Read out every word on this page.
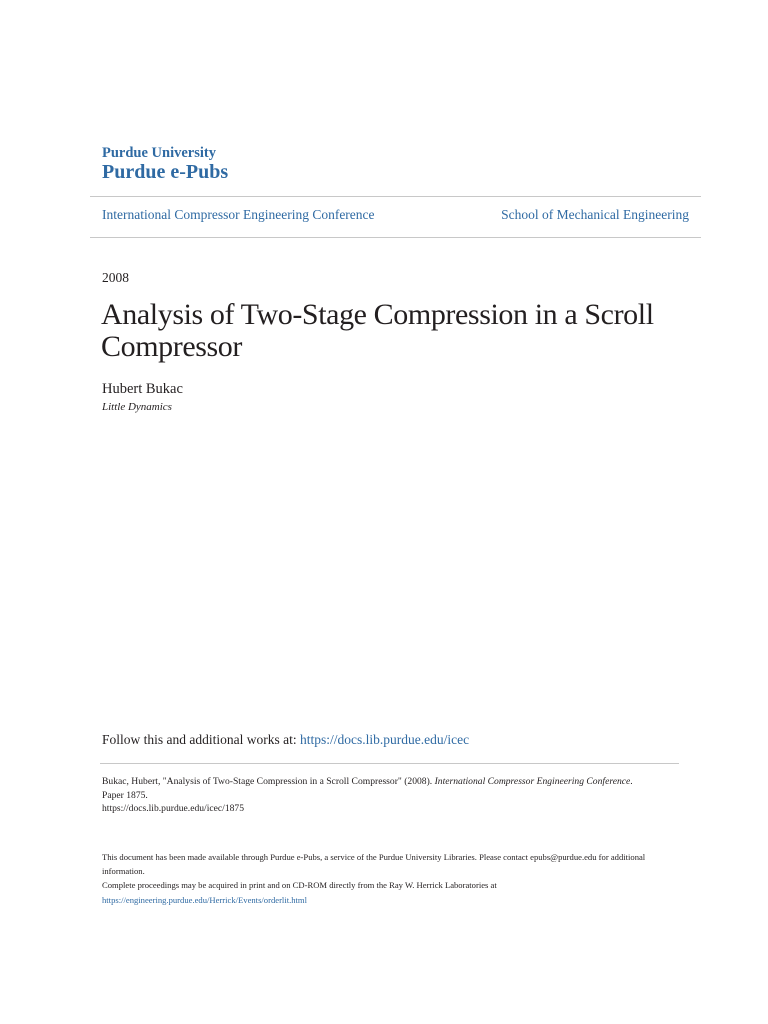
Purdue University
Purdue e-Pubs
International Compressor Engineering Conference	School of Mechanical Engineering
2008
Analysis of Two-Stage Compression in a Scroll Compressor
Hubert Bukac
Little Dynamics
Follow this and additional works at: https://docs.lib.purdue.edu/icec
Bukac, Hubert, "Analysis of Two-Stage Compression in a Scroll Compressor" (2008). International Compressor Engineering Conference.
Paper 1875.
https://docs.lib.purdue.edu/icec/1875
This document has been made available through Purdue e-Pubs, a service of the Purdue University Libraries. Please contact epubs@purdue.edu for additional information.
Complete proceedings may be acquired in print and on CD-ROM directly from the Ray W. Herrick Laboratories at https://engineering.purdue.edu/Herrick/Events/orderlit.html
